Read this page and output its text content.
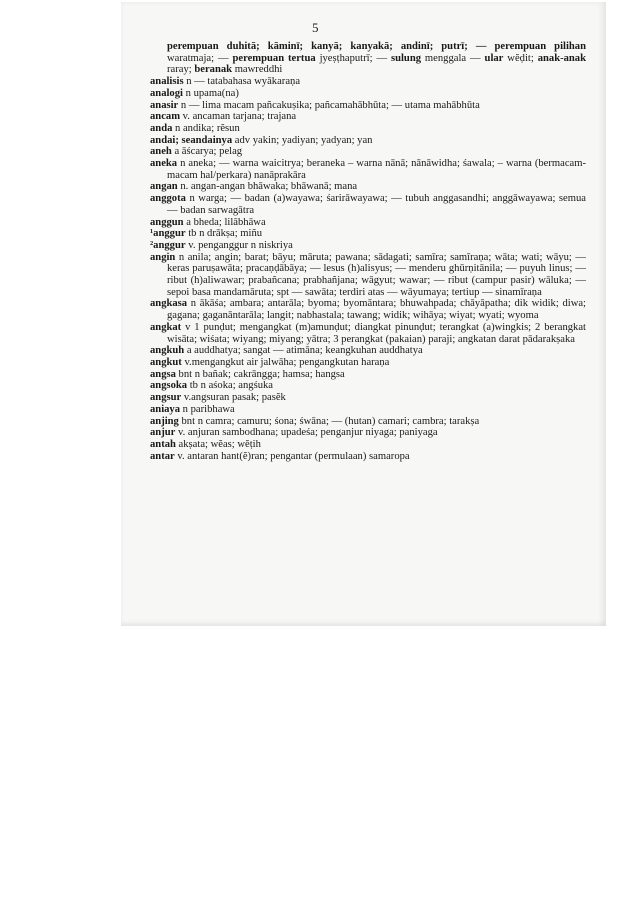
5
perempuan duhitā; kāminī; kanyā; kanyakā; andinī; putrī; — perempuan pilihan waratmaja; — perempuan tertua jyeṣṭhaputrī; — sulung menggala — ular wĕḍit; anak-anak raray; beranak mawreddhi
analisis n — tatabahasa wyākaraṇa
analogi n upama(na)
anasir n — lima macam pañcakuṣika; pañcamahābhūta; — utama mahābhūta
ancam v. ancaman tarjana; trajana
anda n andika; rĕsun
andai; seandainya adv yakin; yadiyan; yadyan; yan
aneh a āścarya; pelag
aneka n aneka; — warna waicitrya; beraneka – warna nānā; nānāwidha; śawala; – warna (bermacam-macam hal/perkara) nanāprakāra
angan n. angan-angan bhāwaka; bhāwanā; mana
anggota n warga; — badan (a)wayawa; śarirāwayawa; — tubuh anggasandhi; anggāwayawa; semua — badan sarwagātra
anggun a bheda; lilābhāwa
¹anggur tb n drākṣa; miñu
²anggur v. penganggur n niskriya
angin n anila; angin; barat; bāyu; māruta; pawana; sādagati; samīra; samīraṇa; wāta; wati; wāyu; — keras paruṣawāta; pracaṇḍābāya; — lesus (h)alisyus; — menderu ghūrṇitānila; — puyuh linus; — ribut (h)aliwawar; prabañcana; prabhañjana; wāgyut; wawar; — ribut (campur pasir) wāluka; — sepoi basa mandamāruta; spt — sawāta; terdiri atas — wāyumaya; tertiup — sinamīraṇa
angkasa n ākāśa; ambara; antarāla; byoma; byomāntara; bhuwahpada; chāyāpatha; dik widik; diwa; gagana; gaganāntarāla; langit; nabhastala; tawang; widik; wihāya; wiyat; wyati; wyoma
angkat v 1 punḍut; mengangkat (m)amunḍut; diangkat pinunḍut; terangkat (a)wingkis; 2 berangkat wisāta; wiśata; wiyang; miyang; yātra; 3 perangkat (pakaian) paraji; angkatan darat pādarakṣaka
angkuh a auddhatya; sangat — atimāna; keangkuhan auddhatya
angkut v.mengangkut air jalwāha; pengangkutan haraṇa
angsa bnt n bañak; cakrāngga; hamsa; hangsa
angsoka tb n aśoka; angśuka
angsur v.angsuran pasak; pasĕk
aniaya n paribhawa
anjing bnt n camra; camuru; śona; śwāna; — (hutan) camari; cambra; tarakṣa
anjur v. anjuran sambodhana; upadeśa; penganjur niyaga; paniyaga
antah akṣata; wĕas; wĕṭih
antar v. antaran hant(ĕ)ran; pengantar (permulaan) samaropa
